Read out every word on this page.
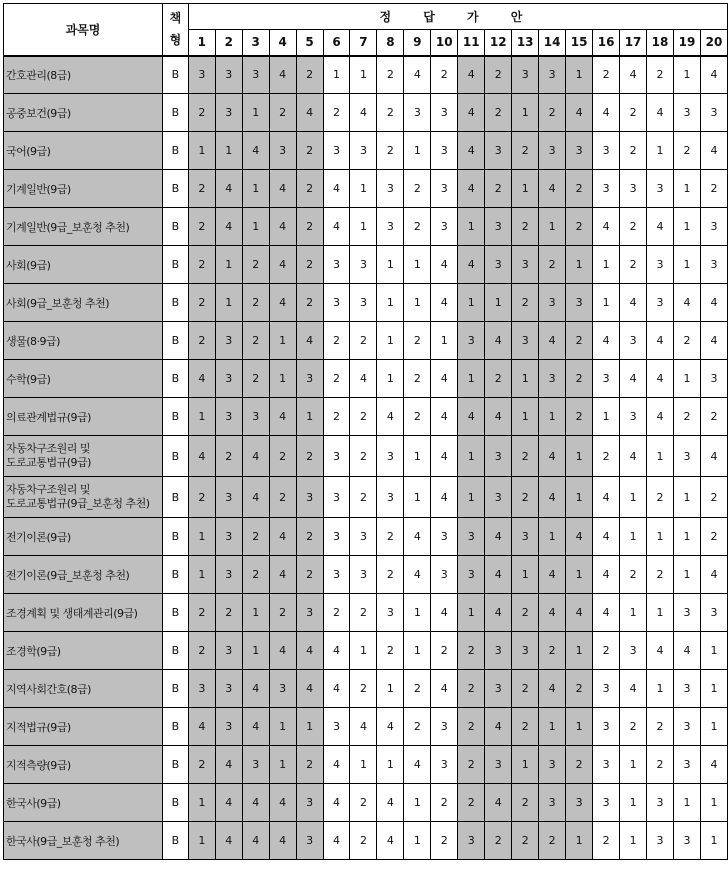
과목명	책
형	정 답 가 안																			
		1	2	3	4	5	6	7	8	9	10	11	12	13	14	15	16	17	18	19	20
간호관리(8급)	B	3	3	3	4	2	1	1	2	4	2	4	2	3	3	1	2	4	2	1	4
공중보건(9급)	B	2	3	1	2	4	2	4	2	3	3	4	2	1	2	4	4	2	4	3	3
국어(9급)	B	1	1	4	3	2	3	3	2	1	3	4	3	2	3	3	3	2	1	2	4
기계일반(9급)	B	2	4	1	4	2	4	1	3	2	3	4	2	1	4	2	3	3	3	1	2
기계일반(9급_보훈청 추천)	B	2	4	1	4	2	4	1	3	2	3	1	3	2	1	2	4	2	4	1	3
사회(9급)	B	2	1	2	4	2	3	3	1	1	4	4	3	3	2	1	1	2	3	1	3
사회(9급_보훈청 추천)	B	2	1	2	4	2	3	3	1	1	4	1	1	2	3	3	1	4	3	4	4
생물(8·9급)	B	2	3	2	1	4	2	2	1	2	1	3	4	3	4	2	4	3	4	2	4
수학(9급)	B	4	3	2	1	3	2	4	1	2	4	1	2	1	3	2	3	4	4	1	3
의료관계법규(9급)	B	1	3	3	4	1	2	2	4	2	4	4	4	1	1	2	1	3	4	2	2
자동차구조원리 및
도로교통법규(9급)	B	4	2	4	2	2	3	2	3	1	4	1	3	2	4	1	2	4	1	3	4
자동차구조원리 및
도로교통법규(9급_보훈청 추천)	B	2	3	4	2	3	3	2	3	1	4	1	3	2	4	1	4	1	2	1	2
전기이론(9급)	B	1	3	2	4	2	3	3	2	4	3	3	4	3	1	4	4	1	1	1	2
전기이론(9급_보훈청 추천)	B	1	3	2	4	2	3	3	2	4	3	3	4	1	4	1	4	2	2	1	4
조경계획 및 생태계관리(9급)	B	2	2	1	2	3	2	2	3	1	4	1	4	2	4	4	4	1	1	3	3
조경학(9급)	B	2	3	1	4	4	4	1	2	1	2	2	3	3	2	1	2	3	4	4	1
지역사회간호(8급)	B	3	3	4	3	4	4	2	1	2	4	2	3	2	4	2	3	4	1	3	1
지적법규(9급)	B	4	3	4	1	1	3	4	4	2	3	2	4	2	1	1	3	2	2	3	1
지적측량(9급)	B	2	4	3	1	2	4	1	1	4	3	2	3	1	3	2	3	1	2	3	4
한국사(9급)	B	1	4	4	4	3	4	2	4	1	2	2	4	2	3	3	3	1	3	1	1
한국사(9급_보훈청 추천)	B	1	4	4	4	3	4	2	4	1	2	3	2	2	2	1	2	1	3	3	1
